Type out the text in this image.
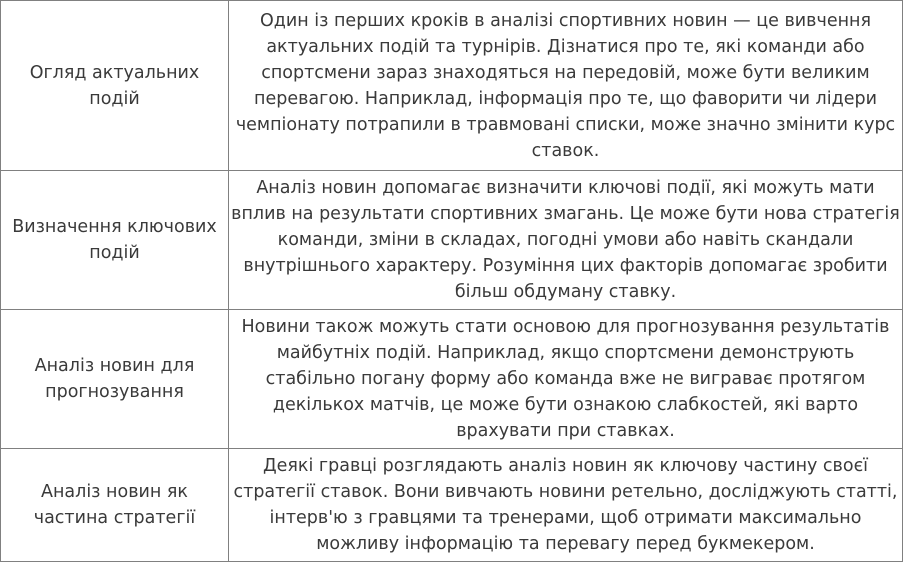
Огляд актуальних подій	Один із перших кроків в аналізі спортивних новин — це вивчення актуальних подій та турнірів. Дізнатися про те, які команди або спортсмени зараз знаходяться на передовій, може бути великим перевагою. Наприклад, інформація про те, що фаворити чи лідери чемпіонату потрапили в травмовані списки, може значно змінити курс ставок.
Визначення ключових подій	Аналіз новин допомагає визначити ключові події, які можуть мати вплив на результати спортивних змагань. Це може бути нова стратегія команди, зміни в складах, погодні умови або навіть скандали внутрішнього характеру. Розуміння цих факторів допомагає зробити більш обдуману ставку.
Аналіз новин для прогнозування	Новини також можуть стати основою для прогнозування результатів майбутніх подій. Наприклад, якщо спортсмени демонструють стабільно погану форму або команда вже не виграває протягом декількох матчів, це може бути ознакою слабкостей, які варто врахувати при ставках.
Аналіз новин як частина стратегії	Деякі гравці розглядають аналіз новин як ключову частину своєї стратегії ставок. Вони вивчають новини ретельно, досліджують статті, інтерв'ю з гравцями та тренерами, щоб отримати максимально можливу інформацію та перевагу перед букмекером.
